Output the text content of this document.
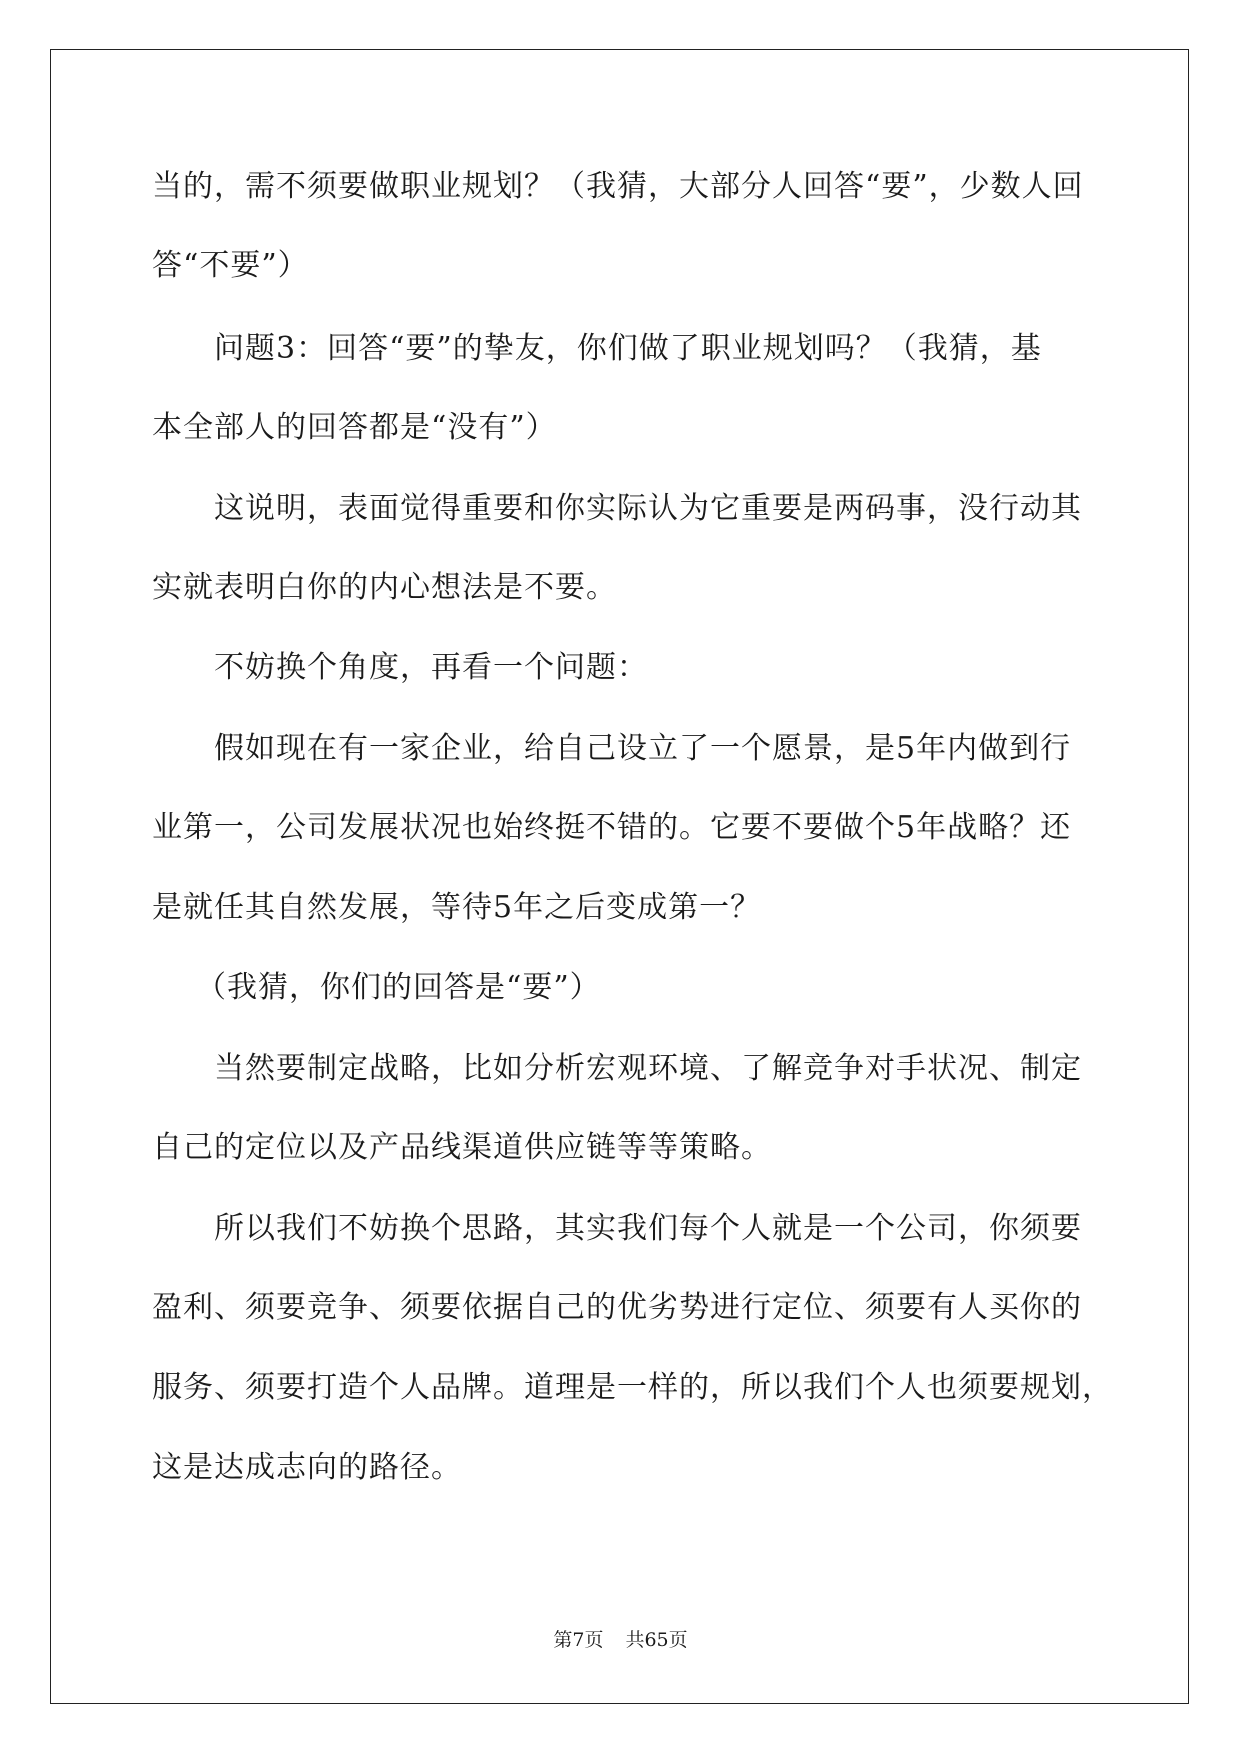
当的，需不须要做职业规划？（我猜，大部分人回答“要”，少数人回
答“不要”）
问题3：回答“要”的挚友，你们做了职业规划吗？（我猜，基
本全部人的回答都是“没有”）
这说明，表面觉得重要和你实际认为它重要是两码事，没行动其
实就表明白你的内心想法是不要。
不妨换个角度，再看一个问题：
假如现在有一家企业，给自己设立了一个愿景，是5年内做到行
业第一，公司发展状况也始终挺不错的。它要不要做个5年战略？还
是就任其自然发展，等待5年之后变成第一？
（我猜，你们的回答是“要”）
当然要制定战略，比如分析宏观环境、了解竞争对手状况、制定
自己的定位以及产品线渠道供应链等等策略。
所以我们不妨换个思路，其实我们每个人就是一个公司，你须要
盈利、须要竞争、须要依据自己的优劣势进行定位、须要有人买你的
服务、须要打造个人品牌。道理是一样的，所以我们个人也须要规划，
这是达成志向的路径。
第7页 共65页
